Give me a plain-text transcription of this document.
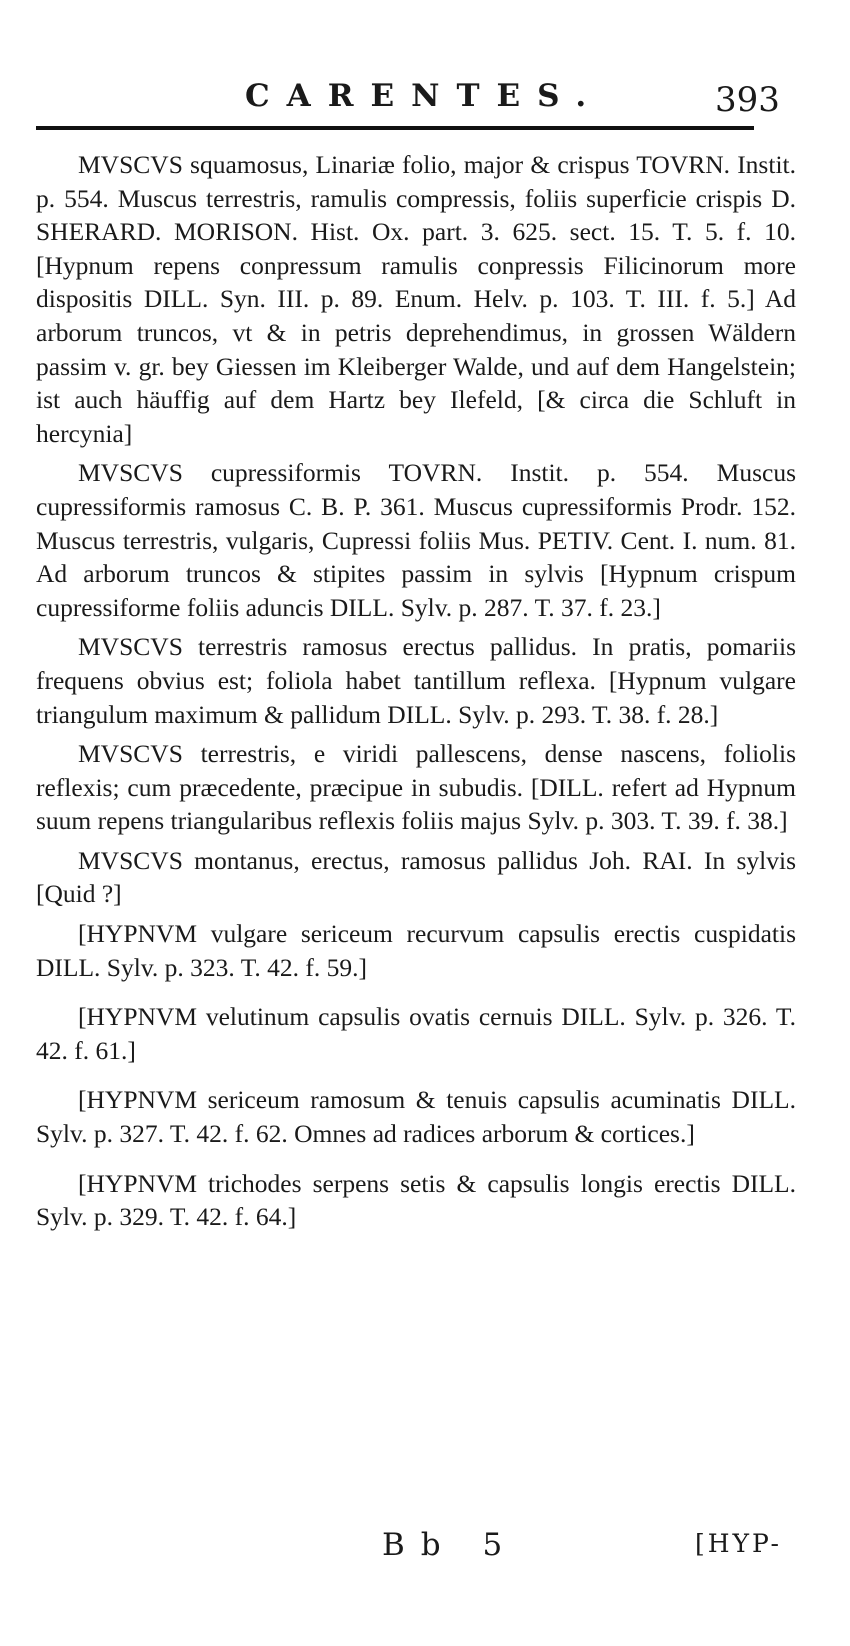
CARENTES.	393

MVSCVS squamosus, Linariæ folio, major & crispus TOVRN. Instit. p. 554. Muscus terrestris, ramulis compressis, foliis superficie crispis D. SHERARD. MORISON. Hist. Ox. part. 3. 625. sect. 15. T. 5. f. 10. [Hypnum repens conpressum ramulis conpressis Filicinorum more dispositis DILL. Syn. III. p. 89. Enum. Helv. p. 103. T. III. f. 5.] Ad arborum truncos, vt & in petris deprehendimus, in grossen Wäldern passim v. gr. bey Giessen im Kleiberger Walde, und auf dem Hangelstein; ist auch häuffig auf dem Hartz bey Ilefeld, [& circa die Schluft in hercynia]

MVSCVS cupressiformis TOVRN. Instit. p. 554. Muscus cupressiformis ramosus C. B. P. 361. Muscus cupressiformis Prodr. 152. Muscus terrestris, vulgaris, Cupressi foliis Mus. PETIV. Cent. I. num. 81. Ad arborum truncos & stipites passim in sylvis [Hypnum crispum cupressiforme foliis aduncis DILL. Sylv. p. 287. T. 37. f. 23.]

MVSCVS terrestris ramosus erectus pallidus. In pratis, pomariis frequens obvius est; foliola habet tantillum reflexa. [Hypnum vulgare triangulum maximum & pallidum DILL. Sylv. p. 293. T. 38. f. 28.]

MVSCVS terrestris, e viridi pallescens, dense nascens, foliolis reflexis; cum præcedente, præcipue in subudis. [DILL. refert ad Hypnum suum repens triangularibus reflexis foliis majus Sylv. p. 303. T. 39. f. 38.]

MVSCVS montanus, erectus, ramosus pallidus Joh. RAI. In sylvis [Quid ?]

[HYPNVM vulgare sericeum recurvum capsulis erectis cuspidatis DILL. Sylv. p. 323. T. 42. f. 59.]

[HYPNVM velutinum capsulis ovatis cernuis DILL. Sylv. p. 326. T. 42. f. 61.]

[HYPNVM sericeum ramosum & tenuis capsulis acuminatis DILL. Sylv. p. 327. T. 42. f. 62. Omnes ad radices arborum & cortices.]

[HYPNVM trichodes serpens setis & capsulis longis erectis DILL. Sylv. p. 329. T. 42. f. 64.]

Bb 5	[HYP-
